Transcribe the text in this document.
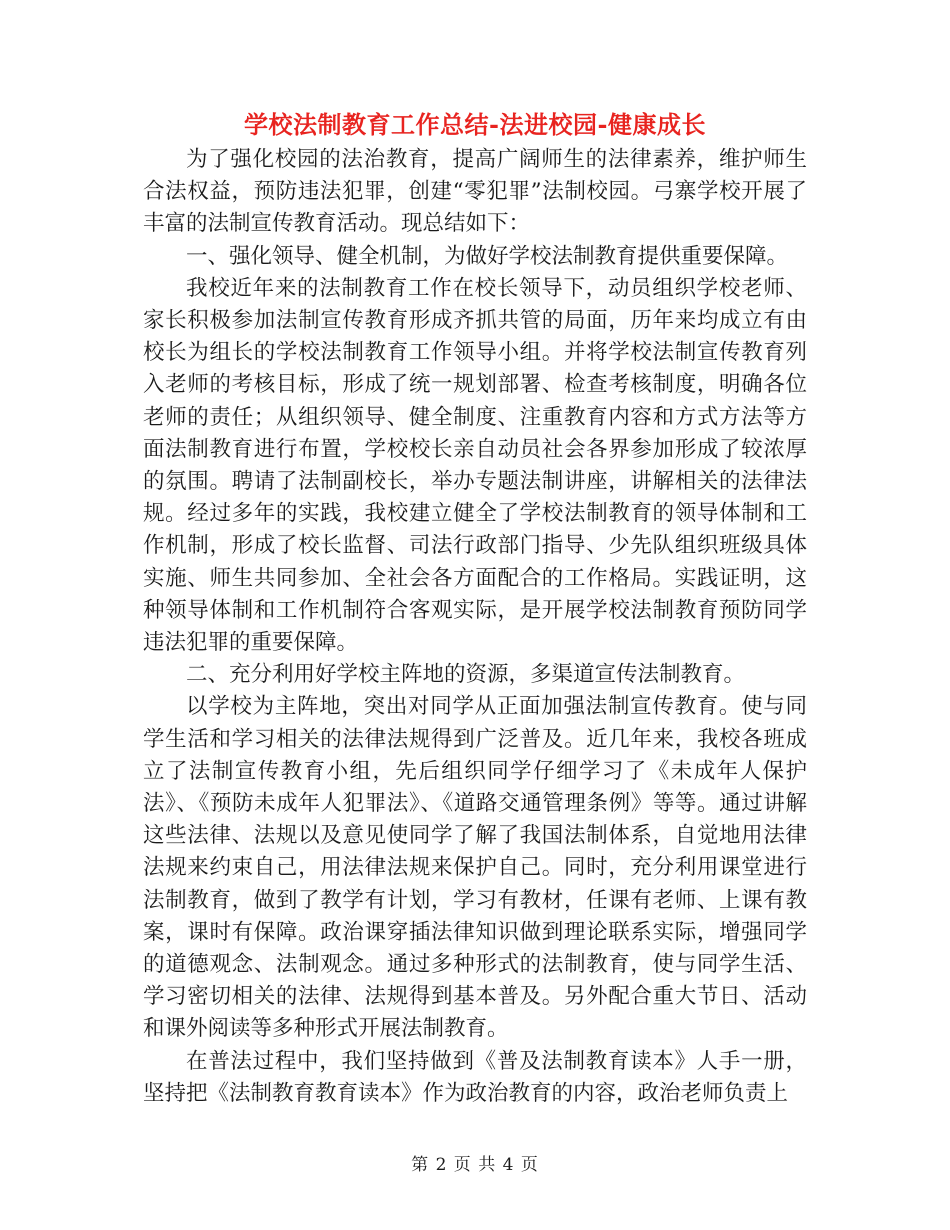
学校法制教育工作总结-法进校园-健康成长

为了强化校园的法治教育，提高广阔师生的法律素养，维护师生合法权益，预防违法犯罪，创建“零犯罪”法制校园。弓寨学校开展了丰富的法制宣传教育活动。现总结如下：

一、强化领导、健全机制，为做好学校法制教育提供重要保障。

我校近年来的法制教育工作在校长领导下，动员组织学校老师、家长积极参加法制宣传教育形成齐抓共管的局面，历年来均成立有由校长为组长的学校法制教育工作领导小组。并将学校法制宣传教育列入老师的考核目标，形成了统一规划部署、检查考核制度，明确各位老师的责任；从组织领导、健全制度、注重教育内容和方式方法等方面法制教育进行布置，学校校长亲自动员社会各界参加形成了较浓厚的氛围。聘请了法制副校长，举办专题法制讲座，讲解相关的法律法规。经过多年的实践，我校建立健全了学校法制教育的领导体制和工作机制，形成了校长监督、司法行政部门指导、少先队组织班级具体实施、师生共同参加、全社会各方面配合的工作格局。实践证明，这种领导体制和工作机制符合客观实际，是开展学校法制教育预防同学违法犯罪的重要保障。

二、充分利用好学校主阵地的资源，多渠道宣传法制教育。

以学校为主阵地，突出对同学从正面加强法制宣传教育。使与同学生活和学习相关的法律法规得到广泛普及。近几年来，我校各班成立了法制宣传教育小组，先后组织同学仔细学习了《未成年人保护法》、《预防未成年人犯罪法》、《道路交通管理条例》等等。通过讲解这些法律、法规以及意见使同学了解了我国法制体系，自觉地用法律法规来约束自己，用法律法规来保护自己。同时，充分利用课堂进行法制教育，做到了教学有计划，学习有教材，任课有老师、上课有教案，课时有保障。政治课穿插法律知识做到理论联系实际，增强同学的道德观念、法制观念。通过多种形式的法制教育，使与同学生活、学习密切相关的法律、法规得到基本普及。另外配合重大节日、活动和课外阅读等多种形式开展法制教育。

在普法过程中，我们坚持做到《普及法制教育读本》人手一册，坚持把《法制教育教育读本》作为政治教育的内容，政治老师负责上

第 2 页 共 4 页
